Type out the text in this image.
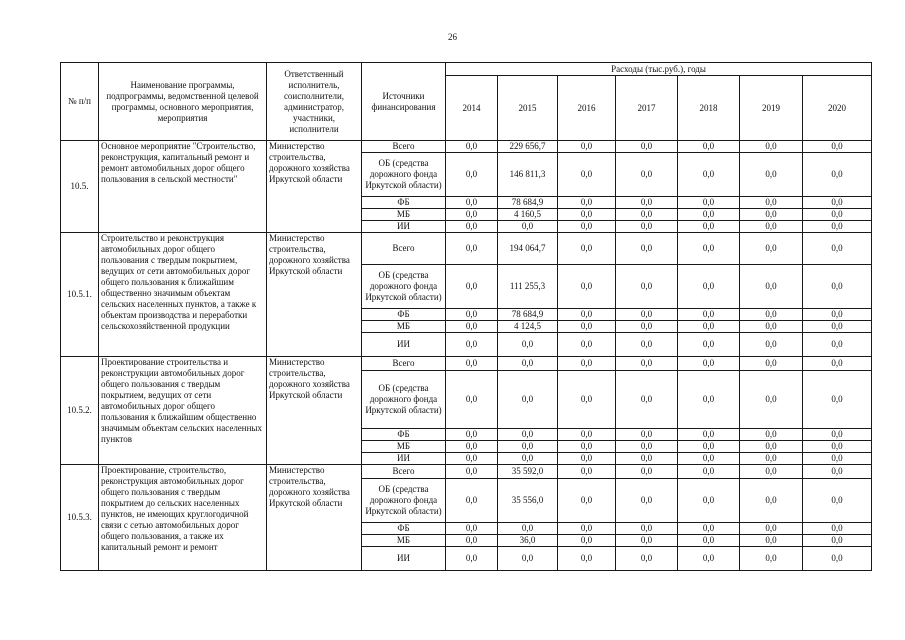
26
№ п/п	Наименование программы, подпрограммы, ведомственной целевой программы, основного мероприятия, мероприятия	Ответственный исполнитель, соисполнители, администратор, участники, исполнители	Источники финансирования	Расходы (тыс.руб.), годы						
				2014	2015	2016	2017	2018	2019	2020
10.5.	Основное мероприятие "Строительство, реконструкция, капитальный ремонт и ремонт автомобильных дорог общего пользования в сельской местности"	Министерство строительства, дорожного хозяйства Иркутской области	Всего	0,0	229 656,7	0,0	0,0	0,0	0,0	0,0
			ОБ (средства дорожного фонда Иркутской области)	0,0	146 811,3	0,0	0,0	0,0	0,0	0,0
			ФБ	0,0	78 684,9	0,0	0,0	0,0	0,0	0,0
			МБ	0,0	4 160,5	0,0	0,0	0,0	0,0	0,0
			ИИ	0,0	0,0	0,0	0,0	0,0	0,0	0,0
10.5.1.	Строительство и реконструкция автомобильных дорог общего пользования с твердым покрытием, ведущих от сети автомобильных дорог общего пользования к ближайшим общественно значимым объектам сельских населенных пунктов, а также к объектам производства и переработки сельскохозяйственной продукции	Министерство строительства, дорожного хозяйства Иркутской области	Всего	0,0	194 064,7	0,0	0,0	0,0	0,0	0,0
			ОБ (средства дорожного фонда Иркутской области)	0,0	111 255,3	0,0	0,0	0,0	0,0	0,0
			ФБ	0,0	78 684,9	0,0	0,0	0,0	0,0	0,0
			МБ	0,0	4 124,5	0,0	0,0	0,0	0,0	0,0
			ИИ	0,0	0,0	0,0	0,0	0,0	0,0	0,0
10.5.2.	Проектирование строительства и реконструкции автомобильных дорог общего пользования с твердым покрытием, ведущих от сети автомобильных дорог общего пользования к ближайшим общественно значимым объектам сельских населенных пунктов	Министерство строительства, дорожного хозяйства Иркутской области	Всего	0,0	0,0	0,0	0,0	0,0	0,0	0,0
			ОБ (средства дорожного фонда Иркутской области)	0,0	0,0	0,0	0,0	0,0	0,0	0,0
			ФБ	0,0	0,0	0,0	0,0	0,0	0,0	0,0
			МБ	0,0	0,0	0,0	0,0	0,0	0,0	0,0
			ИИ	0,0	0,0	0,0	0,0	0,0	0,0	0,0
10.5.3.	Проектирование, строительство, реконструкция автомобильных дорог общего пользования с твердым покрытием до сельских населенных пунктов, не имеющих круглогодичной связи с сетью автомобильных дорог общего пользования, а также их капитальный ремонт и ремонт	Министерство строительства, дорожного хозяйства Иркутской области	Всего	0,0	35 592,0	0,0	0,0	0,0	0,0	0,0
			ОБ (средства дорожного фонда Иркутской области)	0,0	35 556,0	0,0	0,0	0,0	0,0	0,0
			ФБ	0,0	0,0	0,0	0,0	0,0	0,0	0,0
			МБ	0,0	36,0	0,0	0,0	0,0	0,0	0,0
			ИИ	0,0	0,0	0,0	0,0	0,0	0,0	0,0
